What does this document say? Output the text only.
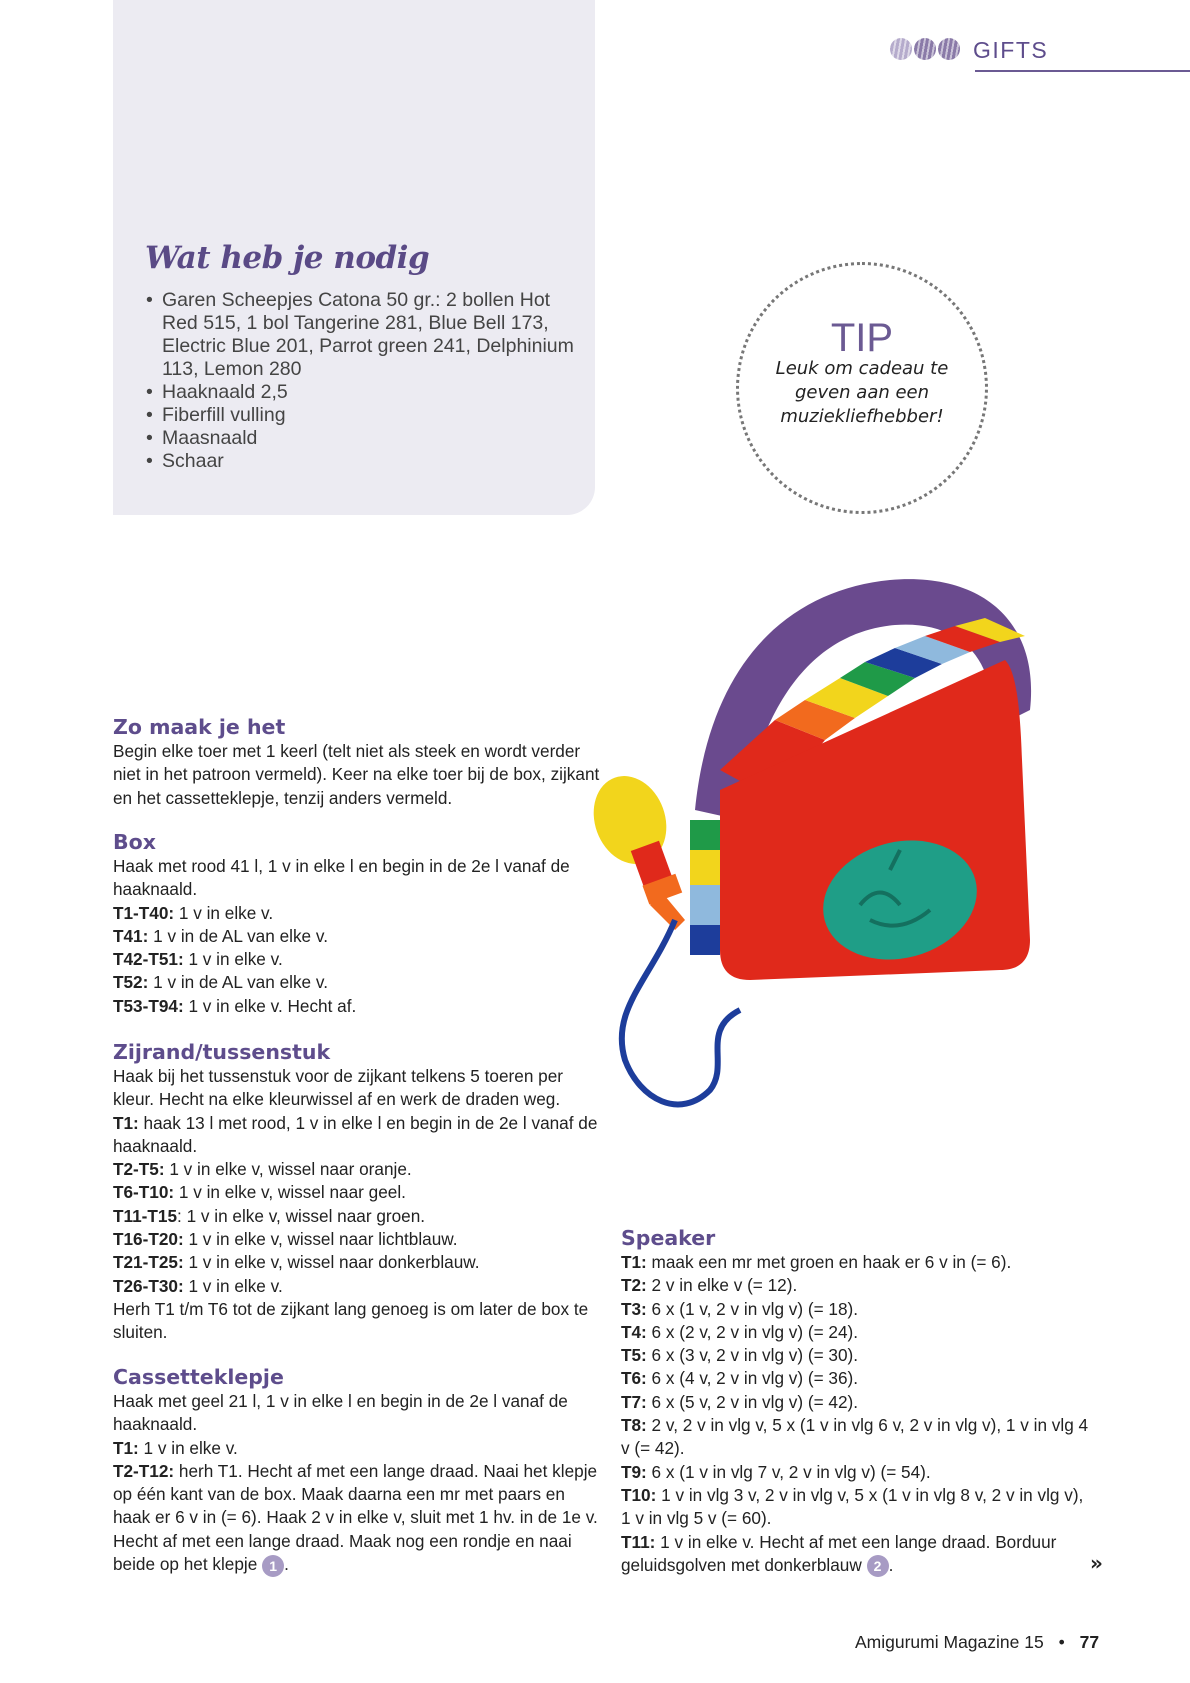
GIFTS
Wat heb je nodig
• Garen Scheepjes Catona 50 gr.: 2 bollen Hot Red 515, 1 bol Tangerine 281, Blue Bell 173, Electric Blue 201, Parrot green 241, Delphinium 113, Lemon 280
• Haaknaald 2,5
• Fiberfill vulling
• Maasnaald
• Schaar
TIP
Leuk om cadeau te geven aan een muziekliefhebber!
Zo maak je het

Begin elke toer met 1 keerl (telt niet als steek en wordt verder niet in het patroon vermeld). Keer na elke toer bij de box, zijkant en het cassetteklepje, tenzij anders vermeld.

Box

Haak met rood 41 l, 1 v in elke l en begin in de 2e l vanaf de haaknaald.

T1-T40: 1 v in elke v.

T41: 1 v in de AL van elke v.

T42-T51: 1 v in elke v.

T52: 1 v in de AL van elke v.

T53-T94: 1 v in elke v. Hecht af.

Zijrand/tussenstuk

Haak bij het tussenstuk voor de zijkant telkens 5 toeren per kleur. Hecht na elke kleurwissel af en werk de draden weg.

T1: haak 13 l met rood, 1 v in elke l en begin in de 2e l vanaf de haaknaald.

T2-T5: 1 v in elke v, wissel naar oranje.

T6-T10: 1 v in elke v, wissel naar geel.

T11-T15: 1 v in elke v, wissel naar groen.

T16-T20: 1 v in elke v, wissel naar lichtblauw.

T21-T25: 1 v in elke v, wissel naar donkerblauw.

T26-T30: 1 v in elke v.

Herh T1 t/m T6 tot de zijkant lang genoeg is om later de box te sluiten.

Cassetteklepje

Haak met geel 21 l, 1 v in elke l en begin in de 2e l vanaf de haaknaald.

T1: 1 v in elke v.

T2-T12: herh T1. Hecht af met een lange draad. Naai het klepje op één kant van de box. Maak daarna een mr met paars en haak er 6 v in (= 6). Haak 2 v in elke v, sluit met 1 hv. in de 1e v. Hecht af met een lange draad. Maak nog een rondje en naai beide op het klepje 1 .

Speaker

T1: maak een mr met groen en haak er 6 v in (= 6).

T2: 2 v in elke v (= 12).

T3: 6 x (1 v, 2 v in vlg v) (= 18).

T4: 6 x (2 v, 2 v in vlg v) (= 24).

T5: 6 x (3 v, 2 v in vlg v) (= 30).

T6: 6 x (4 v, 2 v in vlg v) (= 36).

T7: 6 x (5 v, 2 v in vlg v) (= 42).

T8: 2 v, 2 v in vlg v, 5 x (1 v in vlg 6 v, 2 v in vlg v), 1 v in vlg 4 v (= 42).

T9: 6 x (1 v in vlg 7 v, 2 v in vlg v) (= 54).

T10: 1 v in vlg 3 v, 2 v in vlg v, 5 x (1 v in vlg 8 v, 2 v in vlg v), 1 v in vlg 5 v (= 60).

T11: 1 v in elke v. Hecht af met een lange draad. Borduur geluidsgolven met donkerblauw 2 .	»
Amigurumi Magazine 15 • 77
